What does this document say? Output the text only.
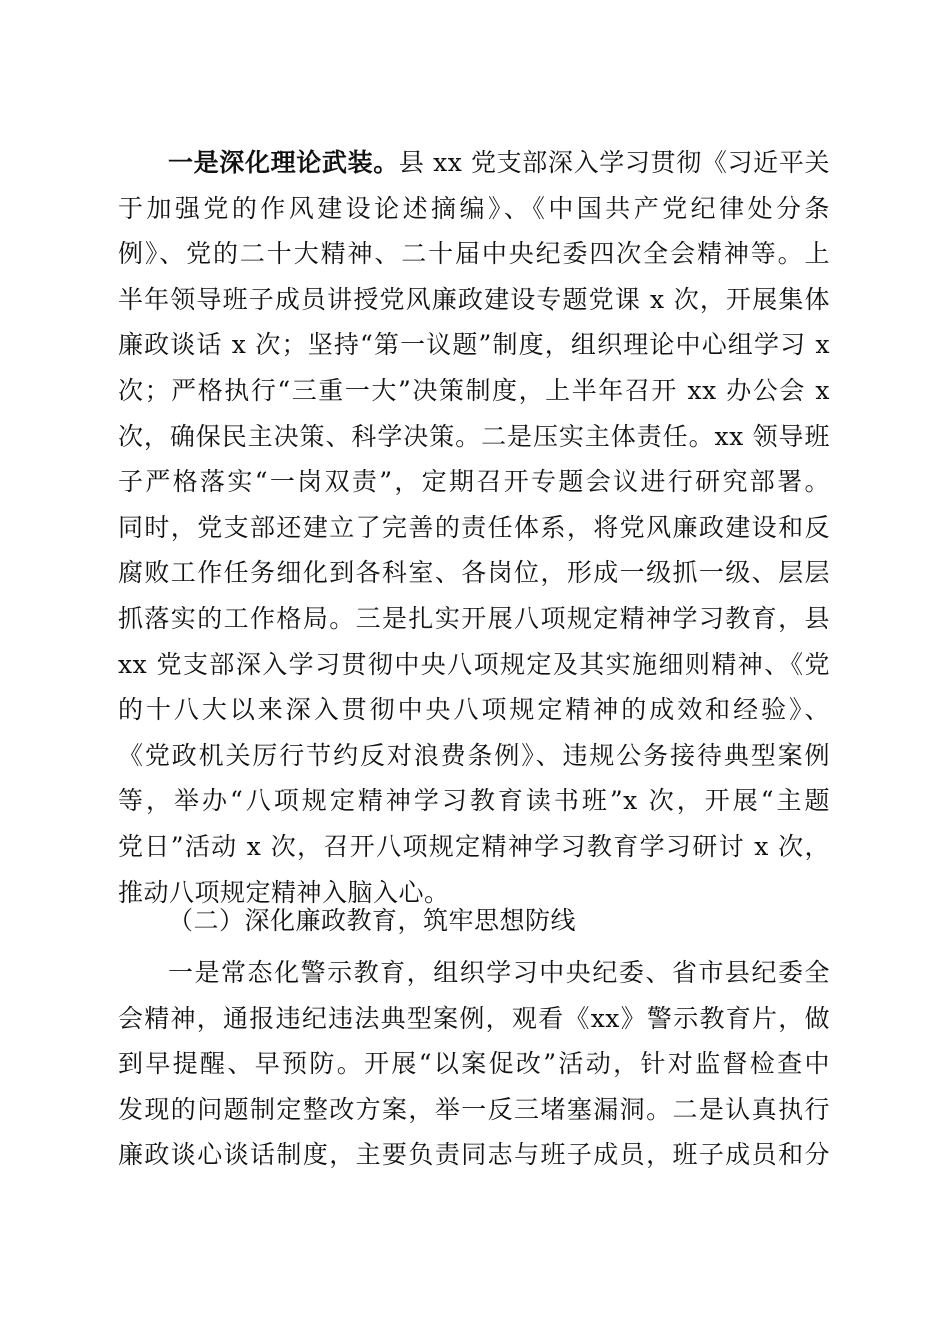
一是深化理论武装。县 xx 党支部深入学习贯彻《习近平关
于加强党的作风建设论述摘编》、《中国共产党纪律处分条
例》、党的二十大精神、二十届中央纪委四次全会精神等。上
半年领导班子成员讲授党风廉政建设专题党课 x 次，开展集体
廉政谈话 x 次；坚持“第一议题”制度，组织理论中心组学习 x
次；严格执行“三重一大”决策制度，上半年召开 xx 办公会 x
次，确保民主决策、科学决策。二是压实主体责任。xx 领导班
子严格落实“一岗双责”，定期召开专题会议进行研究部署。
同时，党支部还建立了完善的责任体系，将党风廉政建设和反
腐败工作任务细化到各科室、各岗位，形成一级抓一级、层层
抓落实的工作格局。三是扎实开展八项规定精神学习教育，县
xx 党支部深入学习贯彻中央八项规定及其实施细则精神、《党
的十八大以来深入贯彻中央八项规定精神的成效和经验》、
《党政机关厉行节约反对浪费条例》、违规公务接待典型案例
等，举办“八项规定精神学习教育读书班”x 次，开展“主题
党日”活动 x 次，召开八项规定精神学习教育学习研讨 x 次，
推动八项规定精神入脑入心。
（二）深化廉政教育，筑牢思想防线
一是常态化警示教育，组织学习中央纪委、省市县纪委全
会精神，通报违纪违法典型案例，观看《xx》警示教育片，做
到早提醒、早预防。开展“以案促改”活动，针对监督检查中
发现的问题制定整改方案，举一反三堵塞漏洞。二是认真执行
廉政谈心谈话制度，主要负责同志与班子成员，班子成员和分
